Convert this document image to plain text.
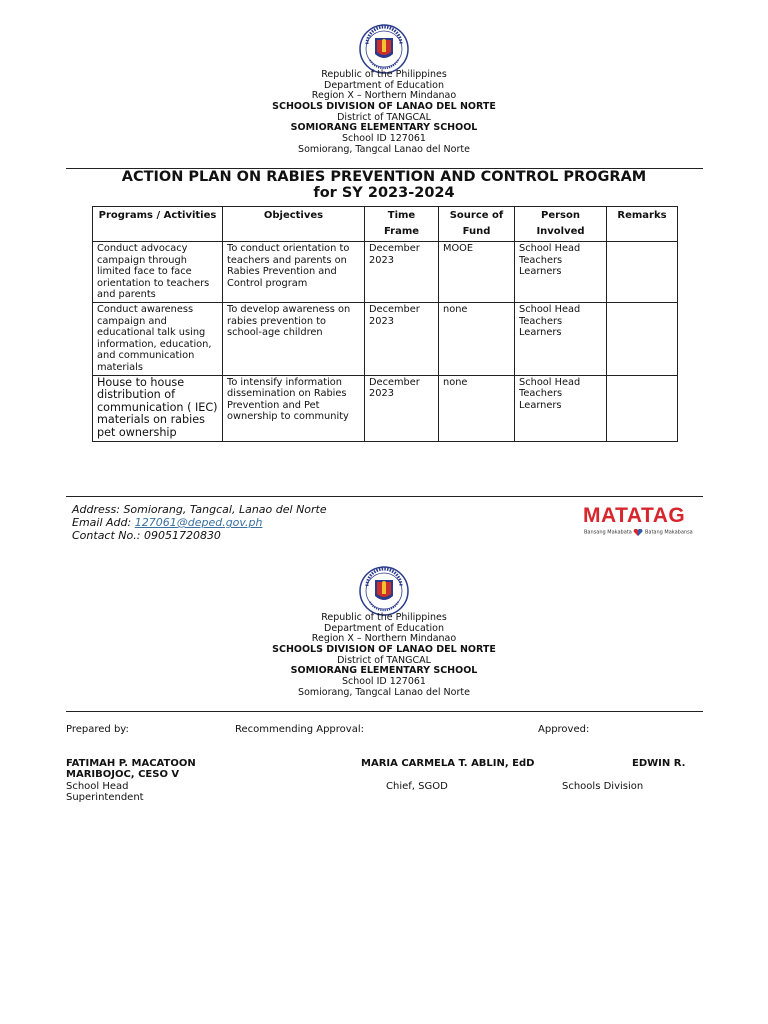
Republic of the Philippines
Department of Education
Region X – Northern Mindanao
SCHOOLS DIVISION OF LANAO DEL NORTE
District of TANGCAL
SOMIORANG ELEMENTARY SCHOOL
School ID 127061
Somiorang, Tangcal Lanao del Norte
ACTION PLAN ON RABIES PREVENTION AND CONTROL PROGRAM
for SY 2023-2024
Programs / Activities	Objectives	Time Frame	Source of Fund	Person Involved	Remarks
Conduct advocacy campaign through limited face to face orientation to teachers and parents	To conduct orientation to teachers and parents on Rabies Prevention and Control program	December 2023	MOOE	School Head
Teachers
Learners	

Conduct awareness campaign and educational talk using information, education, and communication materials	To develop awareness on rabies prevention to school-age children	December 2023	none	School Head
Teachers
Learners	

House to house distribution of communication ( IEC) materials on rabies pet ownership	To intensify information dissemination on Rabies Prevention and Pet ownership to community	December 2023	none	School Head
Teachers
Learners	

Address: Somiorang, Tangcal, Lanao del Norte
Email Add: 127061@deped.gov.ph
Contact No.: 09051720830
MATATAG
Bansang Makabata	Batang Makabansa
Republic of the Philippines
Department of Education
Region X – Northern Mindanao
SCHOOLS DIVISION OF LANAO DEL NORTE
District of TANGCAL
SOMIORANG ELEMENTARY SCHOOL
School ID 127061
Somiorang, Tangcal Lanao del Norte
Prepared by:	Recommending Approval:	Approved:
FATIMAH P. MACATOON	MARIA CARMELA T. ABLIN, EdD	EDWIN R.
MARIBOJOC, CESO V
School Head	Chief, SGOD	Schools Division
Superintendent
